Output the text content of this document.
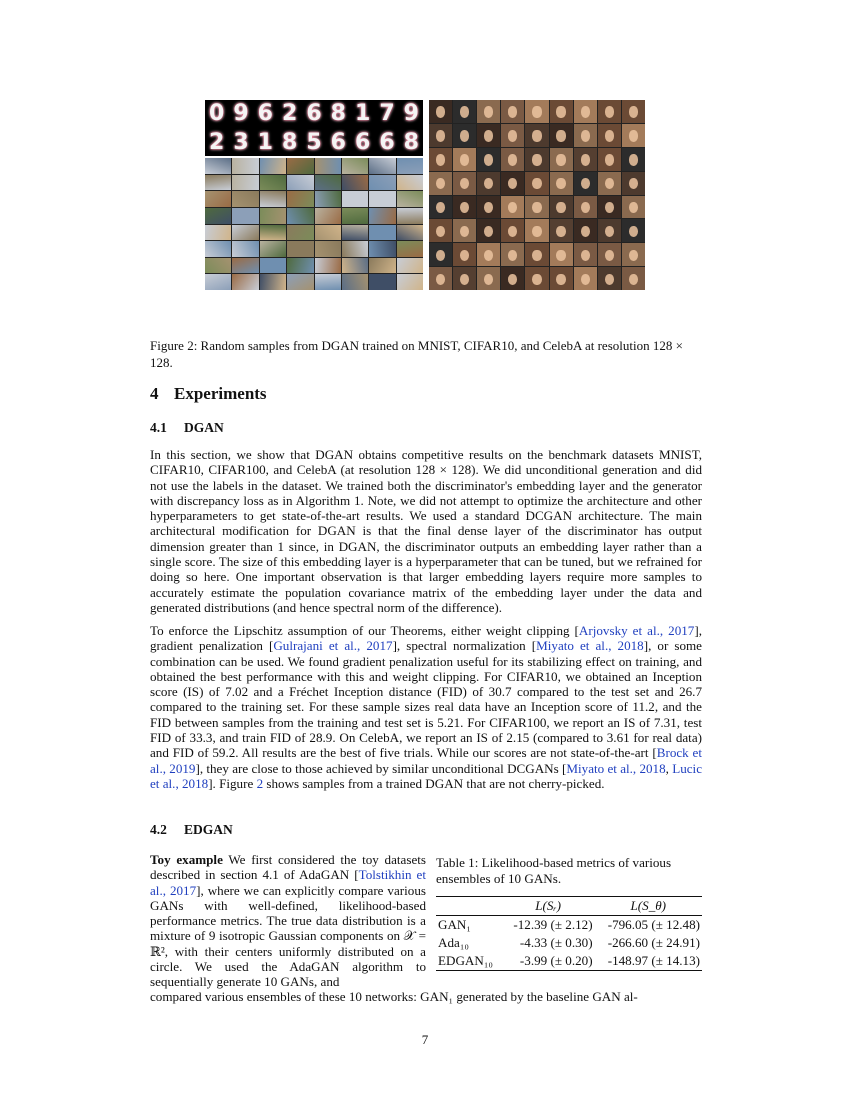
0 9 6 2 6 8 1 7 9
2 3 1 8 5 6 6 6 8

Figure 2: Random samples from DGAN trained on MNIST, CIFAR10, and CelebA at resolution 128 × 128.

4 Experiments
4.1 DGAN

In this section, we show that DGAN obtains competitive results on the benchmark datasets MNIST, CIFAR10, CIFAR100, and CelebA (at resolution 128 × 128). We did unconditional generation and did not use the labels in the dataset. We trained both the discriminator's embedding layer and the generator with discrepancy loss as in Algorithm 1. Note, we did not attempt to optimize the architecture and other hyperparameters to get state-of-the-art results. We used a standard DCGAN architecture. The main architectural modification for DGAN is that the final dense layer of the discriminator has output dimension greater than 1 since, in DGAN, the discriminator outputs an embedding layer rather than a single score. The size of this embedding layer is a hyperparameter that can be tuned, but we refrained for doing so here. One important observation is that larger embedding layers require more samples to accurately estimate the population covariance matrix of the embedding layer under the data and generated distributions (and hence spectral norm of the difference).

To enforce the Lipschitz assumption of our Theorems, either weight clipping [Arjovsky et al., 2017], gradient penalization [Gulrajani et al., 2017], spectral normalization [Miyato et al., 2018], or some combination can be used. We found gradient penalization useful for its stabilizing effect on training, and obtained the best performance with this and weight clipping. For CIFAR10, we obtained an Inception score (IS) of 7.02 and a Fréchet Inception distance (FID) of 30.7 compared to the test set and 26.7 compared to the training set. For these sample sizes real data have an Inception score of 11.2, and the FID between samples from the training and test set is 5.21. For CIFAR100, we report an IS of 7.31, test FID of 33.3, and train FID of 28.9. On CelebA, we report an IS of 2.15 (compared to 3.61 for real data) and FID of 59.2. All results are the best of five trials. While our scores are not state-of-the-art [Brock et al., 2019], they are close to those achieved by similar unconditional DCGANs [Miyato et al., 2018, Lucic et al., 2018]. Figure 2 shows samples from a trained DGAN that are not cherry-picked.

4.2 EDGAN

Toy example We first considered the toy datasets described in section 4.1 of AdaGAN [Tolstikhin et al., 2017], where we can explicitly compare various GANs with well-defined, likelihood-based performance metrics. The true data distribution is a mixture of 9 isotropic Gaussian components on 𝒳 = ℝ², with their centers uniformly distributed on a circle. We used the AdaGAN algorithm to sequentially generate 10 GANs, and

compared various ensembles of these 10 networks: GAN₁ generated by the baseline GAN al-

Table 1: Likelihood-based metrics of various ensembles of 10 GANs.

	L(Sᵣ)	L(S_θ)
GAN₁	-12.39 (± 2.12)	-796.05 (± 12.48)
Ada₁₀	-4.33 (± 0.30)	-266.60 (± 24.91)
EDGAN₁₀	-3.99 (± 0.20)	-148.97 (± 14.13)
7
